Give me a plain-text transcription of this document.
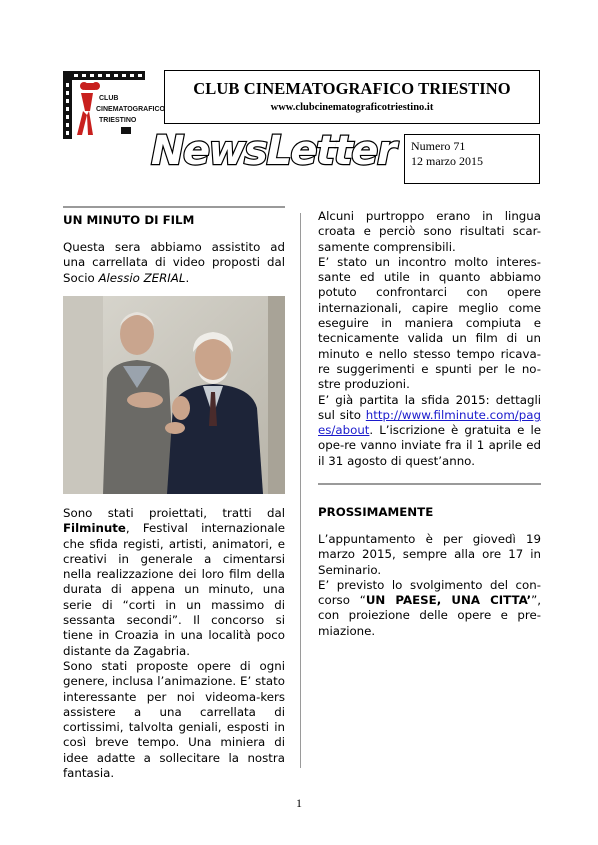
CLUB
CINEMATOGRAFICO
TRIESTINO
CLUB CINEMATOGRAFICO TRIESTINO
www.clubcinematograficotriestino.it
NewsLetter	Numero 71
12 marzo 2015
UN MINUTO DI FILM

Questa sera abbiamo assistito ad una carrellata di video proposti dal Socio Alessio ZERIAL.

Sono stati proiettati, tratti dal Filminute, Festival internazionale che sfida registi, artisti, animatori, e creativi in generale a cimentarsi nella realizzazione dei loro film della durata di appena un minuto, una serie di “corti in un massimo di sessanta secondi”. Il concorso si tiene in Croazia in una località poco distante da Zagabria.

Sono stati proposte opere di ogni genere, inclusa l’animazione. E’ stato interessante per noi videoma-kers assistere a una carrellata di cortissimi, talvolta geniali, esposti in così breve tempo. Una miniera di idee adatte a sollecitare la nostra fantasia.

Alcuni purtroppo erano in lingua croata e perciò sono risultati scar-samente comprensibili.

E’ stato un incontro molto interes-sante ed utile in quanto abbiamo potuto confrontarci con opere internazionali, capire meglio come eseguire in maniera compiuta e tecnicamente valida un film di un minuto e nello stesso tempo ricava-re suggerimenti e spunti per le no-stre produzioni.

E’ già partita la sfida 2015: dettagli sul sito http://www.filminute.com/pages/about. L’iscrizione è gratuita e le ope-re vanno inviate fra il 1 aprile ed il 31 agosto di quest’anno.

PROSSIMAMENTE

L’appuntamento è per giovedì 19 marzo 2015, sempre alla ore 17 in Seminario.

E’ previsto lo svolgimento del con-corso “UN PAESE, UNA CITTA’”, con proiezione delle opere e pre-miazione.

1
